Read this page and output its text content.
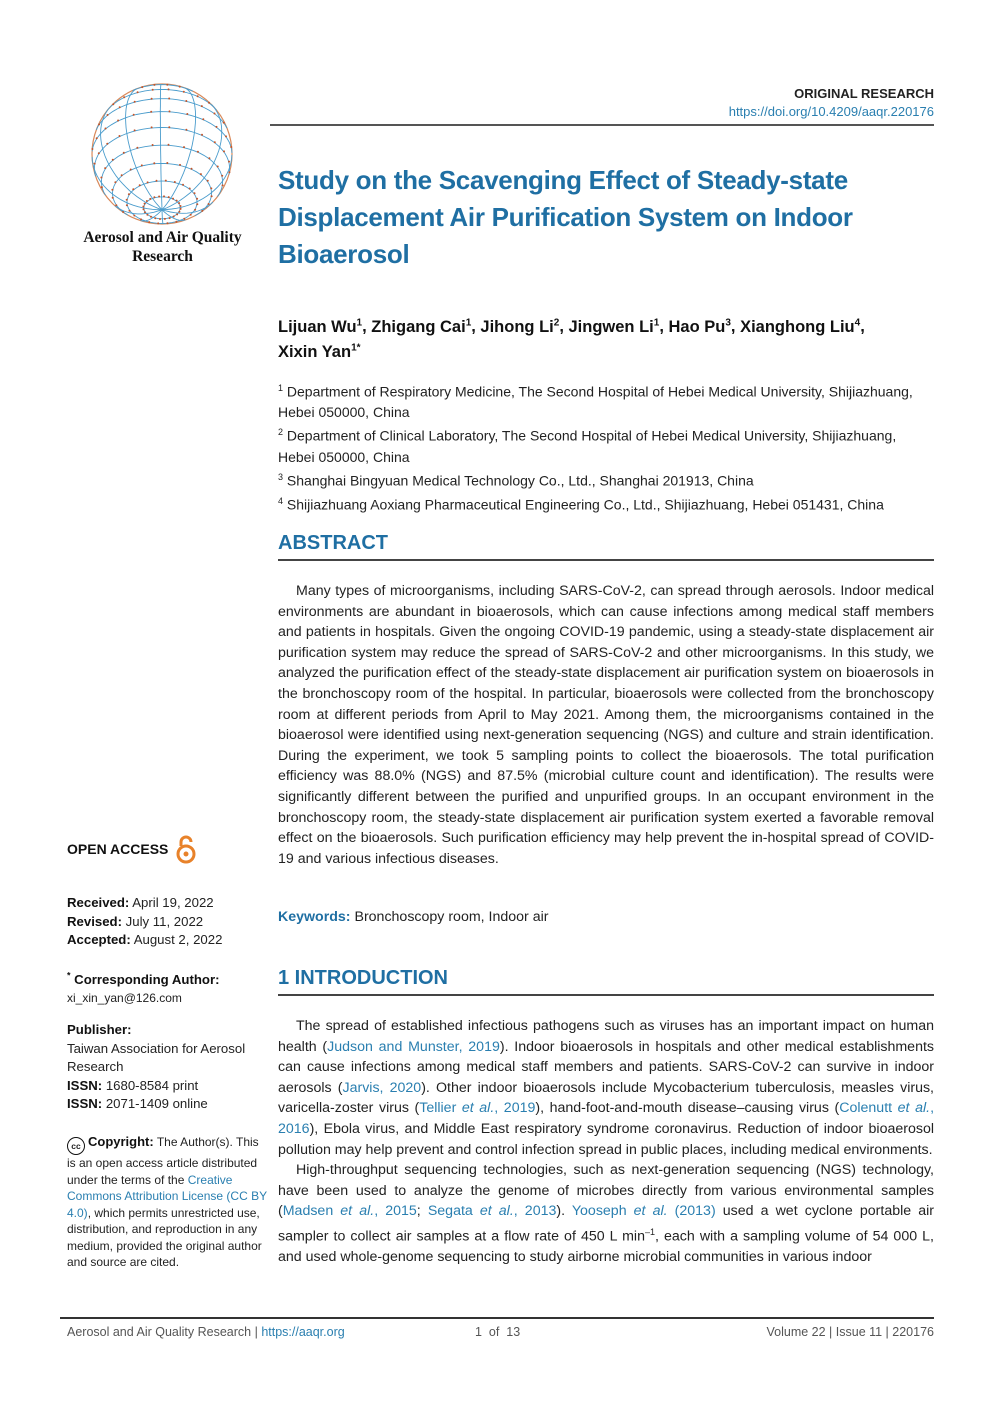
Aerosol and Air Quality Research
ORIGINAL RESEARCH
https://doi.org/10.4209/aaqr.220176
Study on the Scavenging Effect of Steady-state Displacement Air Purification System on Indoor Bioaerosol
Lijuan Wu$^1$, Zhigang Cai$^1$, Jihong Li$^2$, Jingwen Li$^1$, Hao Pu$^3$, Xianghong Liu$^4$,
Xixin Yan$^{1*}$
$^1$ Department of Respiratory Medicine, The Second Hospital of Hebei Medical University, Shijiazhuang, Hebei 050000, China
$^2$ Department of Clinical Laboratory, The Second Hospital of Hebei Medical University, Shijiazhuang, Hebei 050000, China
$^3$ Shanghai Bingyuan Medical Technology Co., Ltd., Shanghai 201913, China
$^4$ Shijiazhuang Aoxiang Pharmaceutical Engineering Co., Ltd., Shijiazhuang, Hebei 051431, China
ABSTRACT

Many types of microorganisms, including SARS-CoV-2, can spread through aerosols. Indoor medical environments are abundant in bioaerosols, which can cause infections among medical staff members and patients in hospitals. Given the ongoing COVID-19 pandemic, using a steady-state displacement air purification system may reduce the spread of SARS-CoV-2 and other microorganisms. In this study, we analyzed the purification effect of the steady-state displacement air purification system on bioaerosols in the bronchoscopy room of the hospital. In particular, bioaerosols were collected from the bronchoscopy room at different periods from April to May 2021. Among them, the microorganisms contained in the bioaerosol were identified using next-generation sequencing (NGS) and culture and strain identification. During the experiment, we took 5 sampling points to collect the bioaerosols. The total purification efficiency was 88.0% (NGS) and 87.5% (microbial culture count and identification). The results were significantly different between the purified and unpurified groups. In an occupant environment in the bronchoscopy room, the steady-state displacement air purification system exerted a favorable removal effect on the bioaerosols. Such purification efficiency may help prevent the in-hospital spread of COVID-19 and various infectious diseases.

Keywords: Bronchoscopy room, Indoor air
1 INTRODUCTION

The spread of established infectious pathogens such as viruses has an important impact on human health (Judson and Munster, 2019). Indoor bioaerosols in hospitals and other medical establishments can cause infections among medical staff members and patients. SARS-CoV-2 can survive in indoor aerosols (Jarvis, 2020). Other indoor bioaerosols include Mycobacterium tuberculosis, measles virus, varicella-zoster virus (Tellier et al., 2019), hand-foot-and-mouth disease–causing virus (Colenutt et al., 2016), Ebola virus, and Middle East respiratory syndrome coronavirus. Reduction of indoor bioaerosol pollution may help prevent and control infection spread in public places, including medical environments.

High-throughput sequencing technologies, such as next-generation sequencing (NGS) technology, have been used to analyze the genome of microbes directly from various environmental samples (Madsen et al., 2015; Segata et al., 2013). Yooseph et al. (2013) used a wet cyclone portable air sampler to collect air samples at a flow rate of 450 L $\min^{-1}$, each with a sampling volume of 54 000 L, and used whole-genome sequencing to study airborne microbial communities in various indoor

OPEN ACCESS
Received: April 19, 2022
Revised: July 11, 2022
Accepted: August 2, 2022
* Corresponding Author:
xi_xin_yan@126.com
Publisher:
Taiwan Association for Aerosol Research
ISSN: 1680-8584 print
ISSN: 2071-1409 online
cc Copyright: The Author(s). This is an open access article distributed under the terms of the Creative Commons Attribution License (CC BY 4.0), which permits unrestricted use, distribution, and reproduction in any medium, provided the original author and source are cited.
Aerosol and Air Quality Research | https://aaqr.org	1  of  13	Volume 22 | Issue 11 | 220176
